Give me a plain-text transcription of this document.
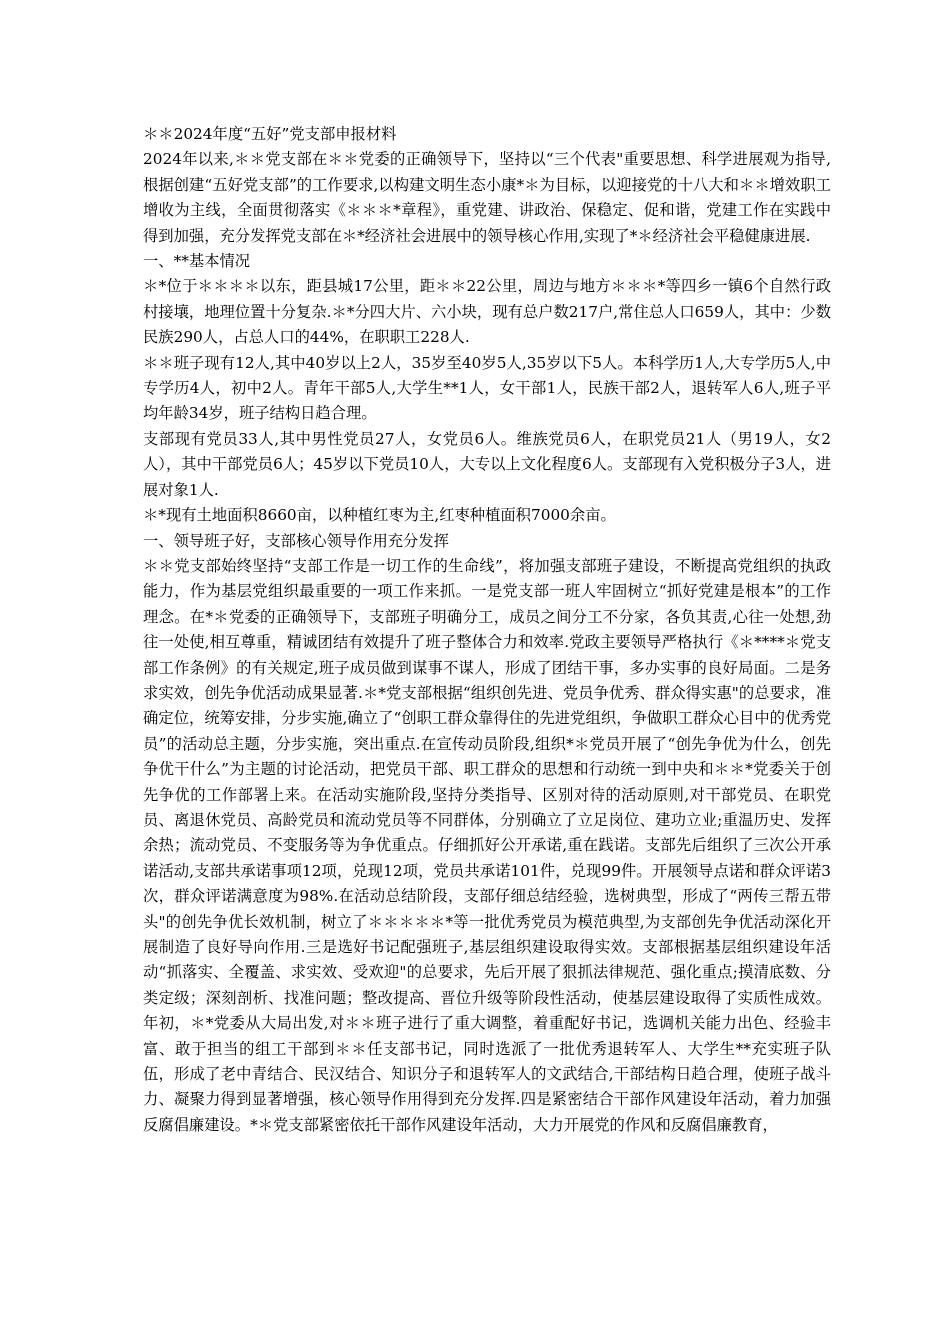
＊＊2024年度“五好”党支部申报材料

2024年以来,＊＊党支部在＊＊党委的正确领导下，坚持以“三个代表"重要思想、科学进展观为指导,根据创建“五好党支部”的工作要求,以构建文明生态小康*＊为目标，以迎接党的十八大和＊＊增效职工增收为主线，全面贯彻落实《＊＊＊*章程》，重党建、讲政治、保稳定、促和谐，党建工作在实践中得到加强，充分发挥党支部在＊*经济社会进展中的领导核心作用,实现了*＊经济社会平稳健康进展.

一、**基本情况

＊*位于＊＊＊＊以东，距县城17公里，距＊＊22公里，周边与地方＊＊＊*等四乡一镇6个自然行政村接壤，地理位置十分复杂.＊*分四大片、六小块，现有总户数217户,常住总人口659人，其中：少数民族290人，占总人口的44%，在职职工228人.

＊＊班子现有12人,其中40岁以上2人，35岁至40岁5人,35岁以下5人。本科学历1人,大专学历5人,中专学历4人，初中2人。青年干部5人,大学生**1人，女干部1人，民族干部2人，退转军人6人,班子平均年龄34岁，班子结构日趋合理。

支部现有党员33人,其中男性党员27人，女党员6人。维族党员6人，在职党员21人（男19人，女2人），其中干部党员6人；45岁以下党员10人，大专以上文化程度6人。支部现有入党积极分子3人，进展对象1人.

＊*现有土地面积8660亩，以种植红枣为主,红枣种植面积7000余亩。

一、领导班子好，支部核心领导作用充分发挥

＊＊党支部始终坚持“支部工作是一切工作的生命线”，将加强支部班子建设，不断提高党组织的执政能力，作为基层党组织最重要的一项工作来抓。一是党支部一班人牢固树立“抓好党建是根本”的工作理念。在*＊党委的正确领导下，支部班子明确分工，成员之间分工不分家，各负其责,心往一处想,劲往一处使,相互尊重，精诚团结有效提升了班子整体合力和效率.党政主要领导严格执行《＊****＊党支部工作条例》的有关规定,班子成员做到谋事不谋人，形成了团结干事，多办实事的良好局面。二是务求实效，创先争优活动成果显著.＊*党支部根据“组织创先进、党员争优秀、群众得实惠"的总要求，准确定位，统筹安排，分步实施,确立了“创职工群众靠得住的先进党组织，争做职工群众心目中的优秀党员”的活动总主题，分步实施，突出重点.在宣传动员阶段,组织*＊党员开展了“创先争优为什么，创先争优干什么”为主题的讨论活动，把党员干部、职工群众的思想和行动统一到中央和＊＊*党委关于创先争优的工作部署上来。在活动实施阶段,坚持分类指导、区别对待的活动原则,对干部党员、在职党员、离退休党员、高龄党员和流动党员等不同群体，分别确立了立足岗位、建功立业;重温历史、发挥余热；流动党员、不变服务等为争优重点。仔细抓好公开承诺,重在践诺。支部先后组织了三次公开承诺活动,支部共承诺事项12项，兑现12项，党员共承诺101件，兑现99件。开展领导点诺和群众评诺3次，群众评诺满意度为98%.在活动总结阶段，支部仔细总结经验，选树典型，形成了“两传三帮五带头"的创先争优长效机制，树立了＊＊＊＊＊*等一批优秀党员为模范典型,为支部创先争优活动深化开展制造了良好导向作用.三是选好书记配强班子,基层组织建设取得实效。支部根据基层组织建设年活动“抓落实、全覆盖、求实效、受欢迎"的总要求，先后开展了狠抓法律规范、强化重点;摸清底数、分类定级；深刻剖析、找准问题；整改提高、晋位升级等阶段性活动，使基层建设取得了实质性成效。年初，＊*党委从大局出发,对＊＊班子进行了重大调整，着重配好书记，选调机关能力出色、经验丰富、敢于担当的组工干部到＊＊任支部书记，同时选派了一批优秀退转军人、大学生**充实班子队伍，形成了老中青结合、民汉结合、知识分子和退转军人的文武结合,干部结构日趋合理，使班子战斗力、凝聚力得到显著增强，核心领导作用得到充分发挥.四是紧密结合干部作风建设年活动，着力加强反腐倡廉建设。*＊党支部紧密依托干部作风建设年活动，大力开展党的作风和反腐倡廉教育，
